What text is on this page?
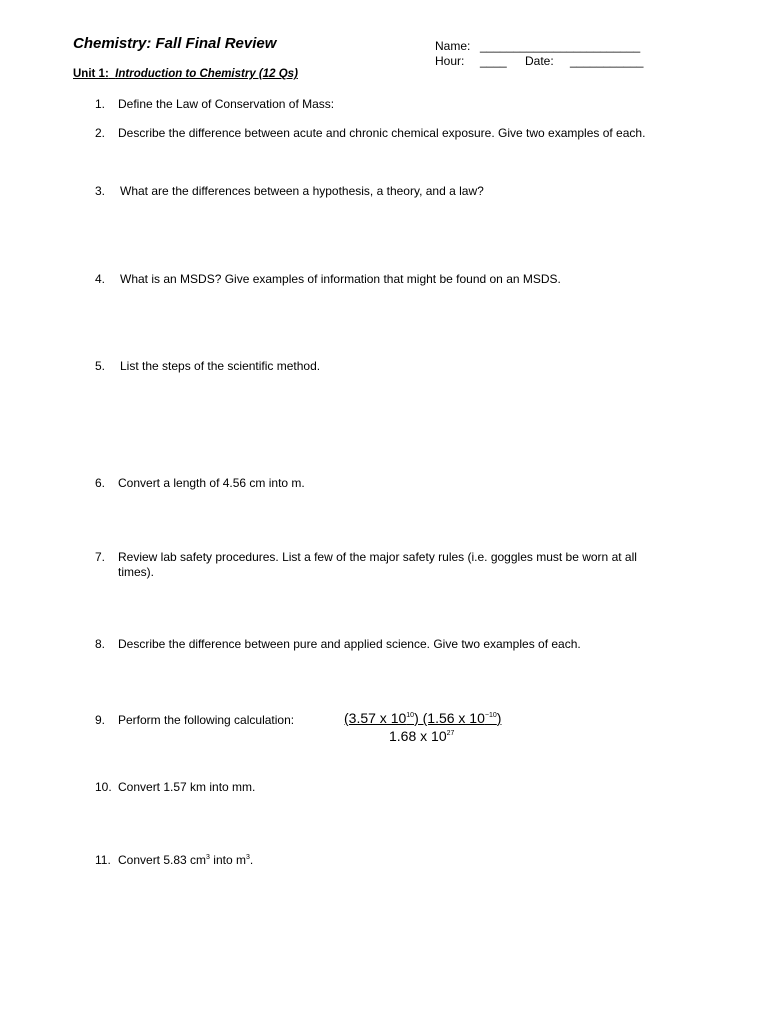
Chemistry: Fall Final Review	Name: ________________________
Hour: ____ Date: ___________
Unit 1: Introduction to Chemistry (12 Qs)
1.	Define the Law of Conservation of Mass:
2.	Describe the difference between acute and chronic chemical exposure. Give two examples of each.
3.	What are the differences between a hypothesis, a theory, and a law?
4.	What is an MSDS? Give examples of information that might be found on an MSDS.
5.	List the steps of the scientific method.
6.	Convert a length of 4.56 cm into m.
7.	Review lab safety procedures. List a few of the major safety rules (i.e. goggles must be worn at all times).
8.	Describe the difference between pure and applied science. Give two examples of each.
9.	Perform the following calculation:	(3.57 x $10^{10}$) (1.56 x $10^{-10}$)
1.68 x $10^{27}$
10. Convert 1.57 km into mm.
11. Convert 5.83 $cm^3$ into $m^3$.
